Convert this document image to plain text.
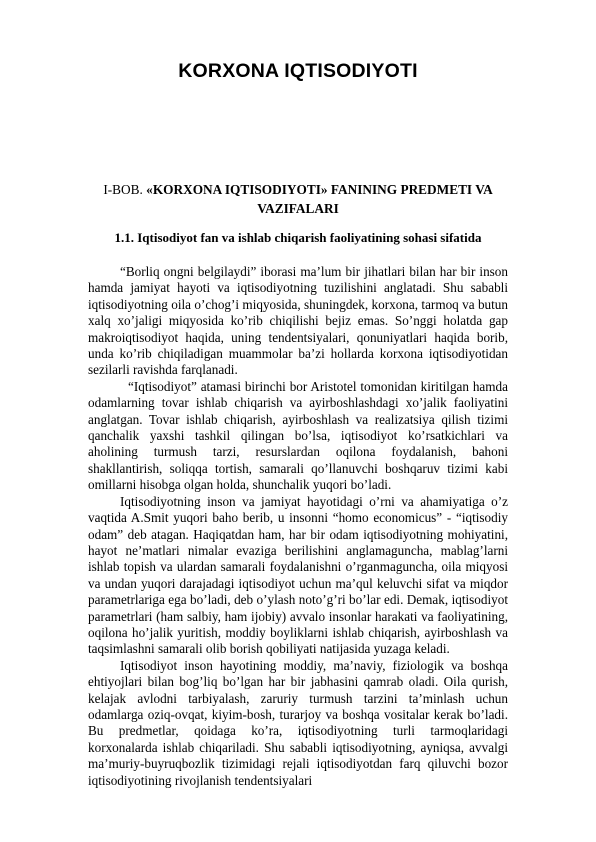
KORXONA IQTISODIYOTI
I-BOB. «KORXONA IQTISODIYOTI» FANINING PREDMETI VA VAZIFALARI
1.1. Iqtisodiyot fan va ishlab chiqarish faoliyatining sohasi sifatida

“Borliq ongni belgilaydi” iborasi ma’lum bir jihatlari bilan har bir inson hamda jamiyat hayoti va iqtisodiyotning tuzilishini anglatadi. Shu sababli iqtisodiyotning oila o’chog’i miqyosida, shuningdek, korxona, tarmoq va butun xalq xo’jaligi miqyosida ko’rib chiqilishi bejiz emas. So’nggi holatda gap makroiqtisodiyot haqida, uning tendentsiyalari, qonuniyatlari haqida borib, unda ko’rib chiqiladigan muammolar ba’zi hollarda korxona iqtisodiyotidan sezilarli ravishda farqlanadi.

“Iqtisodiyot” atamasi birinchi bor Aristotel tomonidan kiritilgan hamda odamlarning tovar ishlab chiqarish va ayirboshlashdagi xo’jalik faoliyatini anglatgan. Tovar ishlab chiqarish, ayirboshlash va realizatsiya qilish tizimi qanchalik yaxshi tashkil qilingan bo’lsa, iqtisodiyot ko’rsatkichlari va aholining turmush tarzi, resurslardan oqilona foydalanish, bahoni shakllantirish, soliqqa tortish, samarali qo’llanuvchi boshqaruv tizimi kabi omillarni hisobga olgan holda, shunchalik yuqori bo’ladi.

Iqtisodiyotning inson va jamiyat hayotidagi o’rni va ahamiyatiga o’z vaqtida A.Smit yuqori baho berib, u insonni “homo economicus” - “iqtisodiy odam” deb atagan. Haqiqatdan ham, har bir odam iqtisodiyotning mohiyatini, hayot ne’matlari nimalar evaziga berilishini anglamaguncha, mablag’larni ishlab topish va ulardan samarali foydalanishni o’rganmaguncha, oila miqyosi va undan yuqori darajadagi iqtisodiyot uchun ma’qul keluvchi sifat va miqdor parametrlariga ega bo’ladi, deb o’ylash noto’g’ri bo’lar edi. Demak, iqtisodiyot parametrlari (ham salbiy, ham ijobiy) avvalo insonlar harakati va faoliyatining, oqilona ho’jalik yuritish, moddiy boyliklarni ishlab chiqarish, ayirboshlash va taqsimlashni samarali olib borish qobiliyati natijasida yuzaga keladi.

Iqtisodiyot inson hayotining moddiy, ma’naviy, fiziologik va boshqa ehtiyojlari bilan bog’liq bo’lgan har bir jabhasini qamrab oladi. Oila qurish, kelajak avlodni tarbiyalash, zaruriy turmush tarzini ta’minlash uchun odamlarga oziq-ovqat, kiyim-bosh, turarjoy va boshqa vositalar kerak bo’ladi. Bu predmetlar, qoidaga ko’ra, iqtisodiyotning turli tarmoqlaridagi korxonalarda ishlab chiqariladi. Shu sababli iqtisodiyotning, ayniqsa, avvalgi ma’muriy-buyruqbozlik tizimidagi rejali iqtisodiyotdan farq qiluvchi bozor iqtisodiyotining rivojlanish tendentsiyalari
